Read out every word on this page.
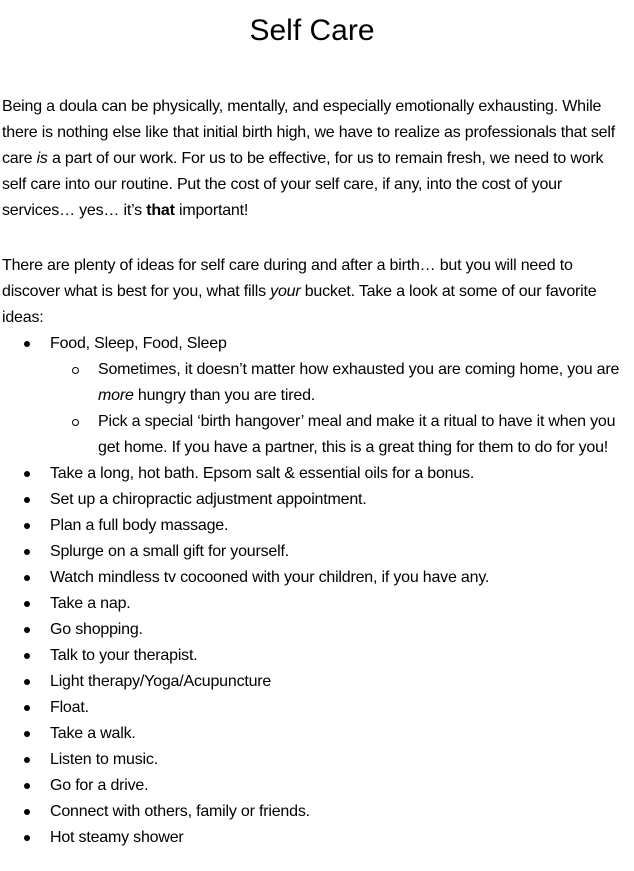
Self Care

Being a doula can be physically, mentally, and especially emotionally exhausting. While there is nothing else like that initial birth high, we have to realize as professionals that self care is a part of our work. For us to be effective, for us to remain fresh, we need to work self care into our routine. Put the cost of your self care, if any, into the cost of your services… yes… it’s that important!

There are plenty of ideas for self care during and after a birth… but you will need to discover what is best for you, what fills your bucket. Take a look at some of our favorite ideas:

Food, Sleep, Food, Sleep
Sometimes, it doesn’t matter how exhausted you are coming home, you are more hungry than you are tired.
Pick a special ‘birth hangover’ meal and make it a ritual to have it when you get home. If you have a partner, this is a great thing for them to do for you!
Take a long, hot bath. Epsom salt & essential oils for a bonus.
Set up a chiropractic adjustment appointment.
Plan a full body massage.
Splurge on a small gift for yourself.
Watch mindless tv cocooned with your children, if you have any.
Take a nap.
Go shopping.
Talk to your therapist.
Light therapy/Yoga/Acupuncture
Float.
Take a walk.
Listen to music.
Go for a drive.
Connect with others, family or friends.
Hot steamy shower
